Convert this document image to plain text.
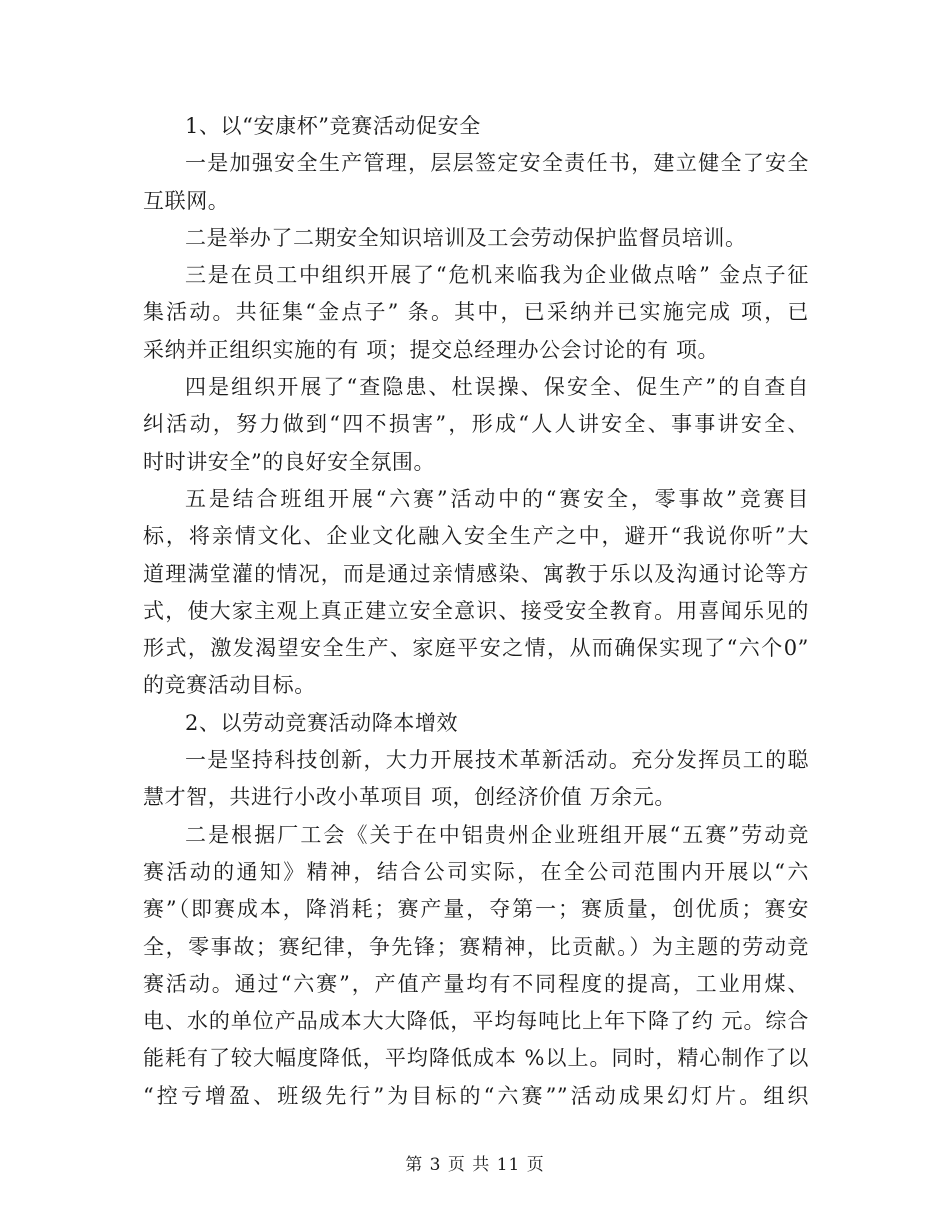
1、以“安康杯”竞赛活动促安全
一是加强安全生产管理，层层签定安全责任书，建立健全了安全
互联网。
二是举办了二期安全知识培训及工会劳动保护监督员培训。
三是在员工中组织开展了“危机来临我为企业做点啥” 金点子征
集活动。共征集“金点子” 条。其中，已采纳并已实施完成 项，已
采纳并正组织实施的有 项；提交总经理办公会讨论的有 项。
四是组织开展了“查隐患、杜误操、保安全、促生产”的自查自
纠活动，努力做到“四不损害”，形成“人人讲安全、事事讲安全、
时时讲安全”的良好安全氛围。
五是结合班组开展“六赛”活动中的“赛安全，零事故”竞赛目
标，将亲情文化、企业文化融入安全生产之中，避开“我说你听”大
道理满堂灌的情况，而是通过亲情感染、寓教于乐以及沟通讨论等方
式，使大家主观上真正建立安全意识、接受安全教育。用喜闻乐见的
形式，激发渴望安全生产、家庭平安之情，从而确保实现了“六个0”
的竞赛活动目标。
2、以劳动竞赛活动降本增效
一是坚持科技创新，大力开展技术革新活动。充分发挥员工的聪
慧才智，共进行小改小革项目 项，创经济价值 万余元。
二是根据厂工会《关于在中铝贵州企业班组开展“五赛”劳动竞
赛活动的通知》精神，结合公司实际，在全公司范围内开展以“六
赛”（即赛成本，降消耗；赛产量，夺第一；赛质量，创优质；赛安
全，零事故；赛纪律，争先锋；赛精神，比贡献。）为主题的劳动竞
赛活动。通过“六赛”，产值产量均有不同程度的提高，工业用煤、
电、水的单位产品成本大大降低，平均每吨比上年下降了约 元。综合
能耗有了较大幅度降低，平均降低成本 %以上。同时，精心制作了以
“控亏增盈、班级先行”为目标的“六赛””活动成果幻灯片。组织
第 3 页 共 11 页
